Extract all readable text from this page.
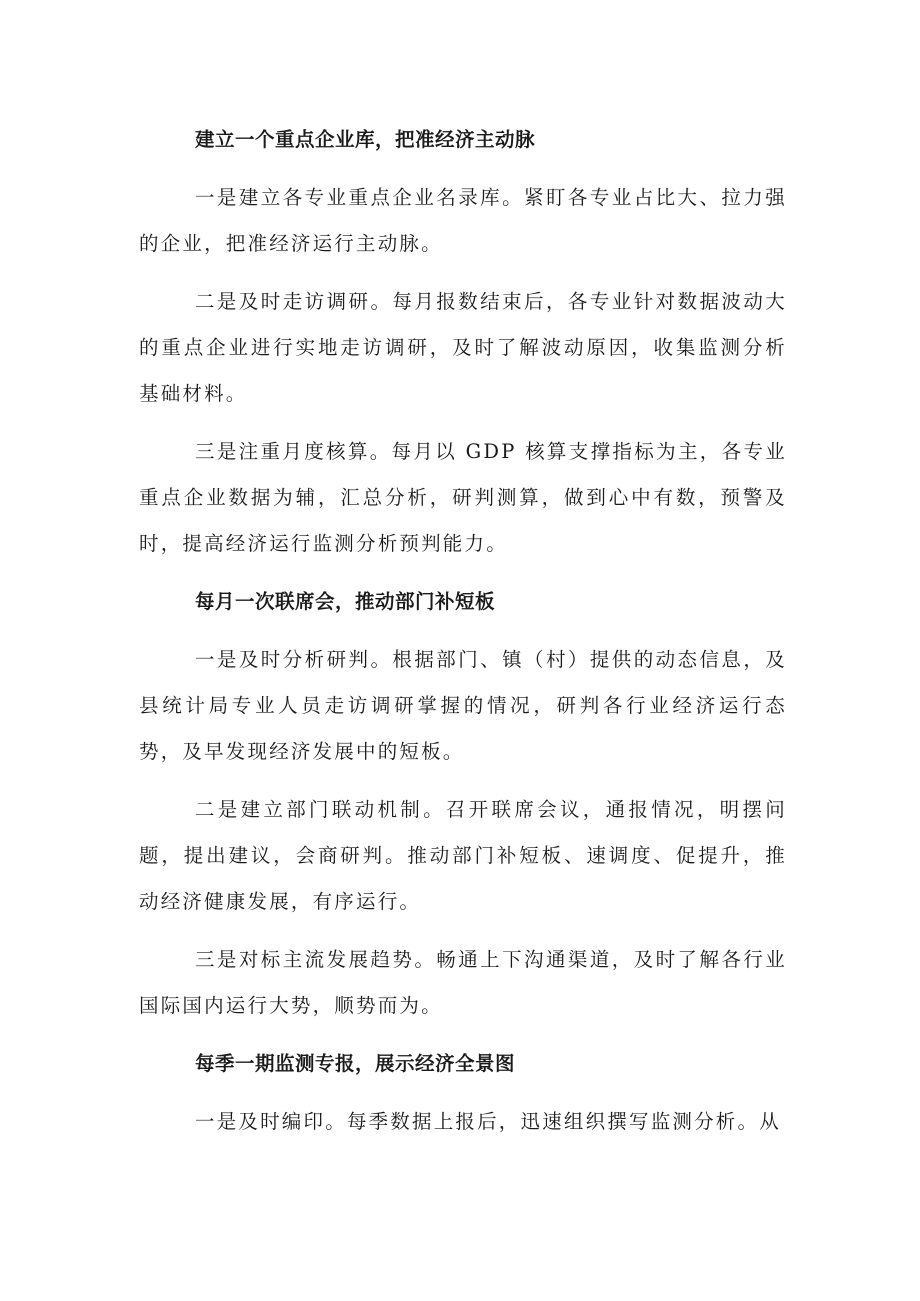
建立一个重点企业库，把准经济主动脉

一是建立各专业重点企业名录库。紧盯各专业占比大、拉力强的企业，把准经济运行主动脉。

二是及时走访调研。每月报数结束后，各专业针对数据波动大的重点企业进行实地走访调研，及时了解波动原因，收集监测分析基础材料。

三是注重月度核算。每月以 GDP 核算支撑指标为主，各专业重点企业数据为辅，汇总分析，研判测算，做到心中有数，预警及时，提高经济运行监测分析预判能力。

每月一次联席会，推动部门补短板

一是及时分析研判。根据部门、镇（村）提供的动态信息，及县统计局专业人员走访调研掌握的情况，研判各行业经济运行态势，及早发现经济发展中的短板。

二是建立部门联动机制。召开联席会议，通报情况，明摆问题，提出建议，会商研判。推动部门补短板、速调度、促提升，推动经济健康发展，有序运行。

三是对标主流发展趋势。畅通上下沟通渠道，及时了解各行业国际国内运行大势，顺势而为。

每季一期监测专报，展示经济全景图

一是及时编印。每季数据上报后，迅速组织撰写监测分析。从
